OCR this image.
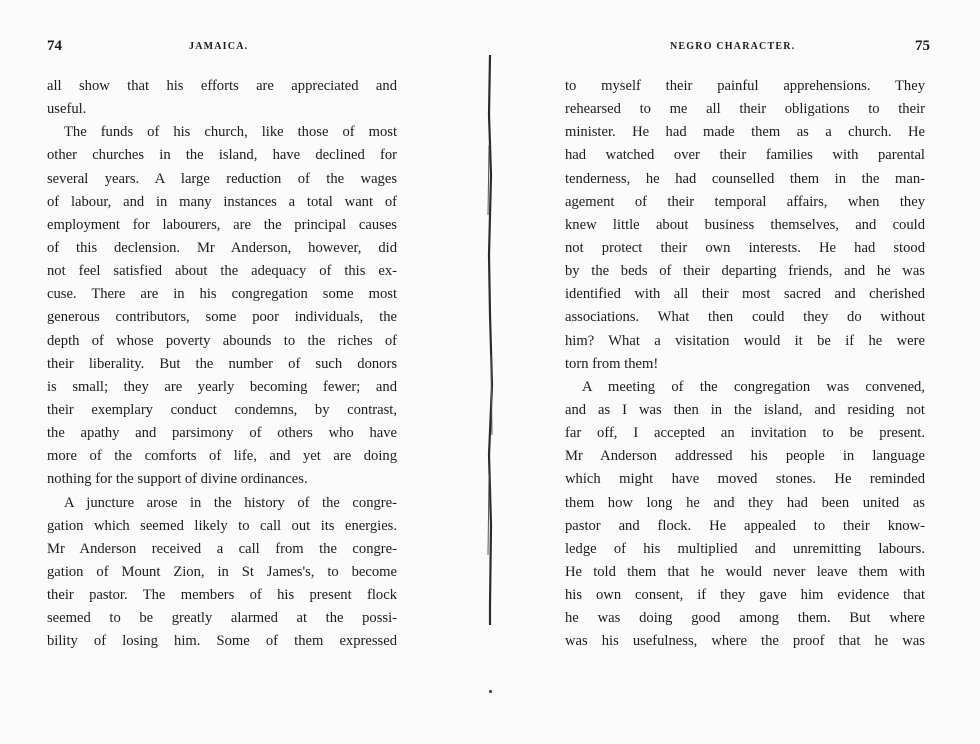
74	JAMAICA.
all show that his efforts are appreciated and
useful.
The funds of his church, like those of most
other churches in the island, have declined for
several years. A large reduction of the wages
of labour, and in many instances a total want of
employment for labourers, are the principal causes
of this declension. Mr Anderson, however, did
not feel satisfied about the adequacy of this ex-
cuse. There are in his congregation some most
generous contributors, some poor individuals, the
depth of whose poverty abounds to the riches of
their liberality. But the number of such donors
is small; they are yearly becoming fewer; and
their exemplary conduct condemns, by contrast,
the apathy and parsimony of others who have
more of the comforts of life, and yet are doing
nothing for the support of divine ordinances.
A juncture arose in the history of the congre-
gation which seemed likely to call out its energies.
Mr Anderson received a call from the congre-
gation of Mount Zion, in St James's, to become
their pastor. The members of his present flock
seemed to be greatly alarmed at the possi-
bility of losing him. Some of them expressed
NEGRO CHARACTER.	75
to myself their painful apprehensions. They
rehearsed to me all their obligations to their
minister. He had made them as a church. He
had watched over their families with parental
tenderness, he had counselled them in the man-
agement of their temporal affairs, when they
knew little about business themselves, and could
not protect their own interests. He had stood
by the beds of their departing friends, and he was
identified with all their most sacred and cherished
associations. What then could they do without
him? What a visitation would it be if he were
torn from them!
A meeting of the congregation was convened,
and as I was then in the island, and residing not
far off, I accepted an invitation to be present.
Mr Anderson addressed his people in language
which might have moved stones. He reminded
them how long he and they had been united as
pastor and flock. He appealed to their know-
ledge of his multiplied and unremitting labours.
He told them that he would never leave them with
his own consent, if they gave him evidence that
he was doing good among them. But where
was his usefulness, where the proof that he was
